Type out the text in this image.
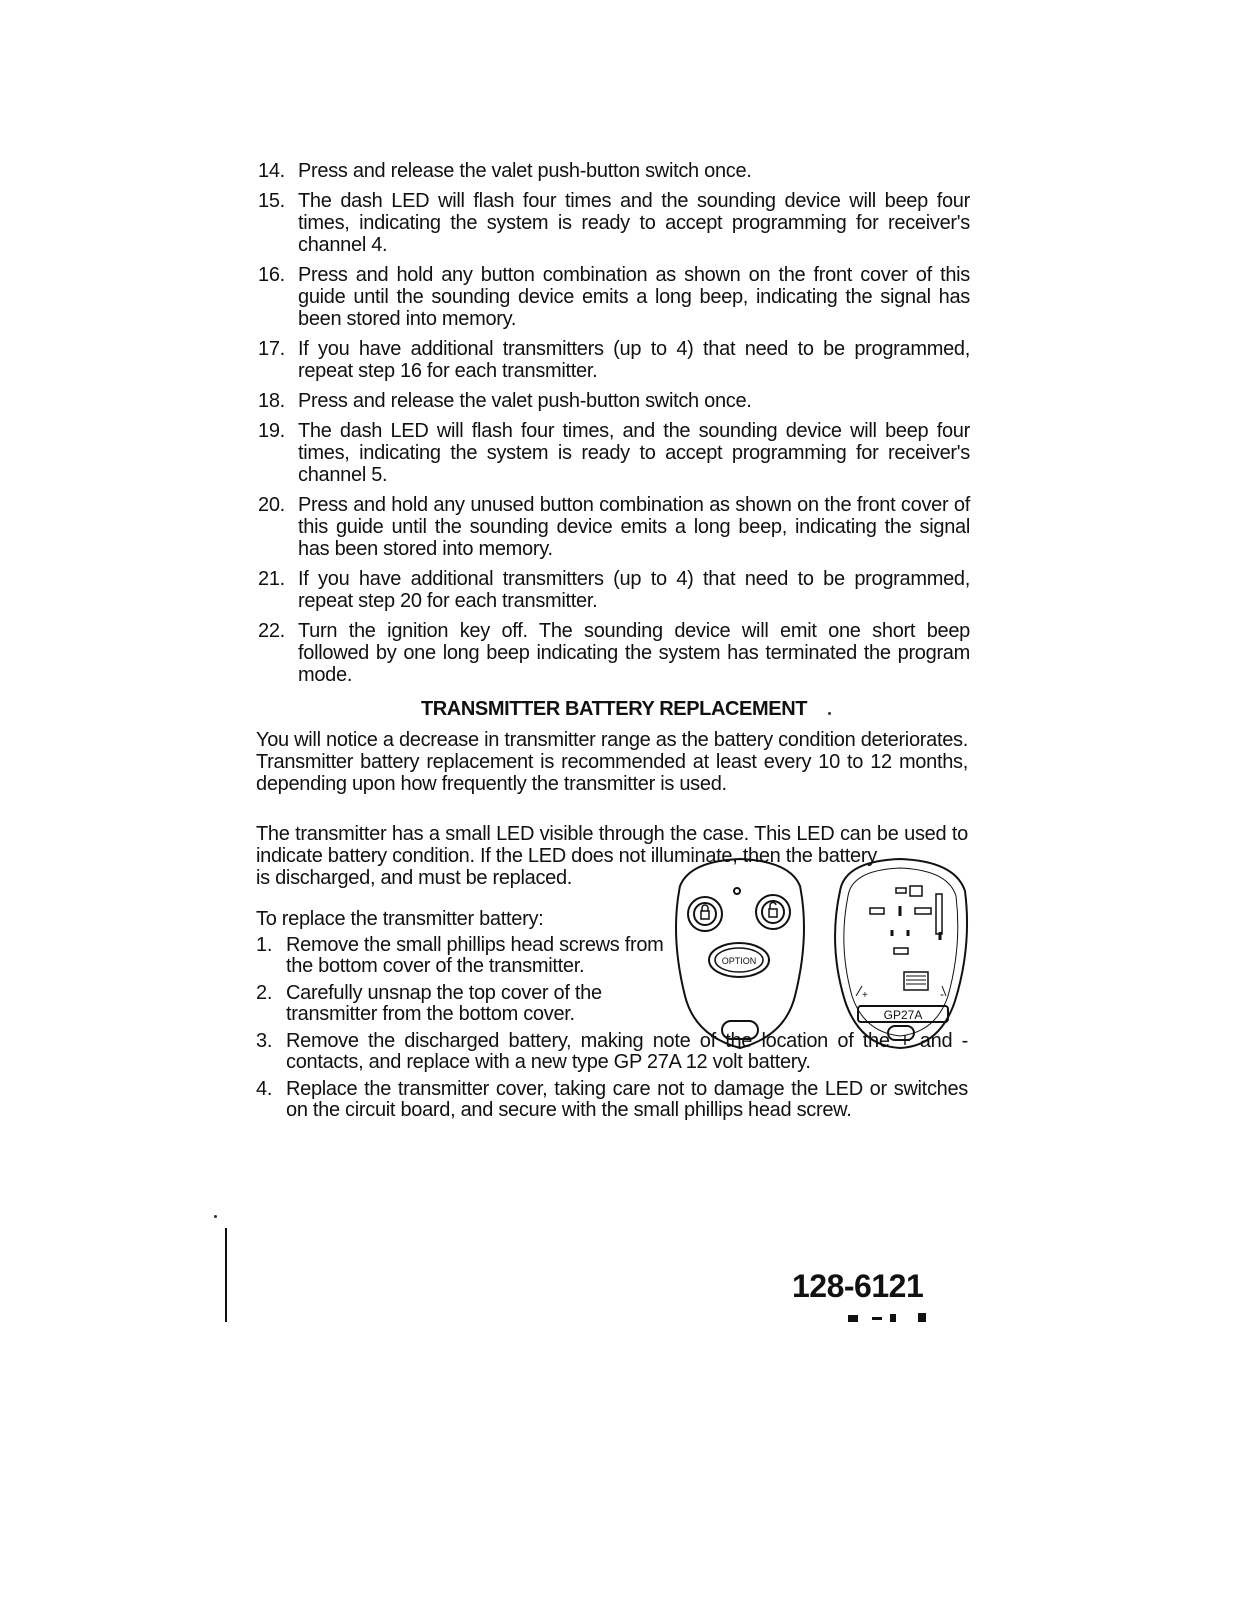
14. Press and release the valet push-button switch once.
15. The dash LED will flash four times and the sounding device will beep four times, indicating the system is ready to accept programming for receiver's channel 4.
16. Press and hold any button combination as shown on the front cover of this guide until the sounding device emits a long beep, indicating the signal has been stored into memory.
17. If you have additional transmitters (up to 4) that need to be programmed, repeat step 16 for each transmitter.
18. Press and release the valet push-button switch once.
19. The dash LED will flash four times, and the sounding device will beep four times, indicating the system is ready to accept programming for receiver's channel 5.
20. Press and hold any unused button combination as shown on the front cover of this guide until the sounding device emits a long beep, indicating the signal has been stored into memory.
21. If you have additional transmitters (up to 4) that need to be programmed, repeat step 20 for each transmitter.
22. Turn the ignition key off. The sounding device will emit one short beep followed by one long beep indicating the system has terminated the program mode.
TRANSMITTER BATTERY REPLACEMENT
You will notice a decrease in transmitter range as the battery condition deteriorates. Transmitter battery replacement is recommended at least every 10 to 12 months, depending upon how frequently the transmitter is used.
The transmitter has a small LED visible through the case. This LED can be used to indicate battery condition. If the LED does not illuminate, then the battery
is discharged, and must be replaced.
To replace the transmitter battery:
1. Remove the small phillips head screws from the bottom cover of the transmitter.
2. Carefully unsnap the top cover of the transmitter from the bottom cover.
3. Remove the discharged battery, making note of the location of the + and - contacts, and replace with a new type GP 27A 12 volt battery.
4. Replace the transmitter cover, taking care not to damage the LED or switches on the circuit board, and secure with the small phillips head screw.
OPTION
GP27A
+	-
128-6121
